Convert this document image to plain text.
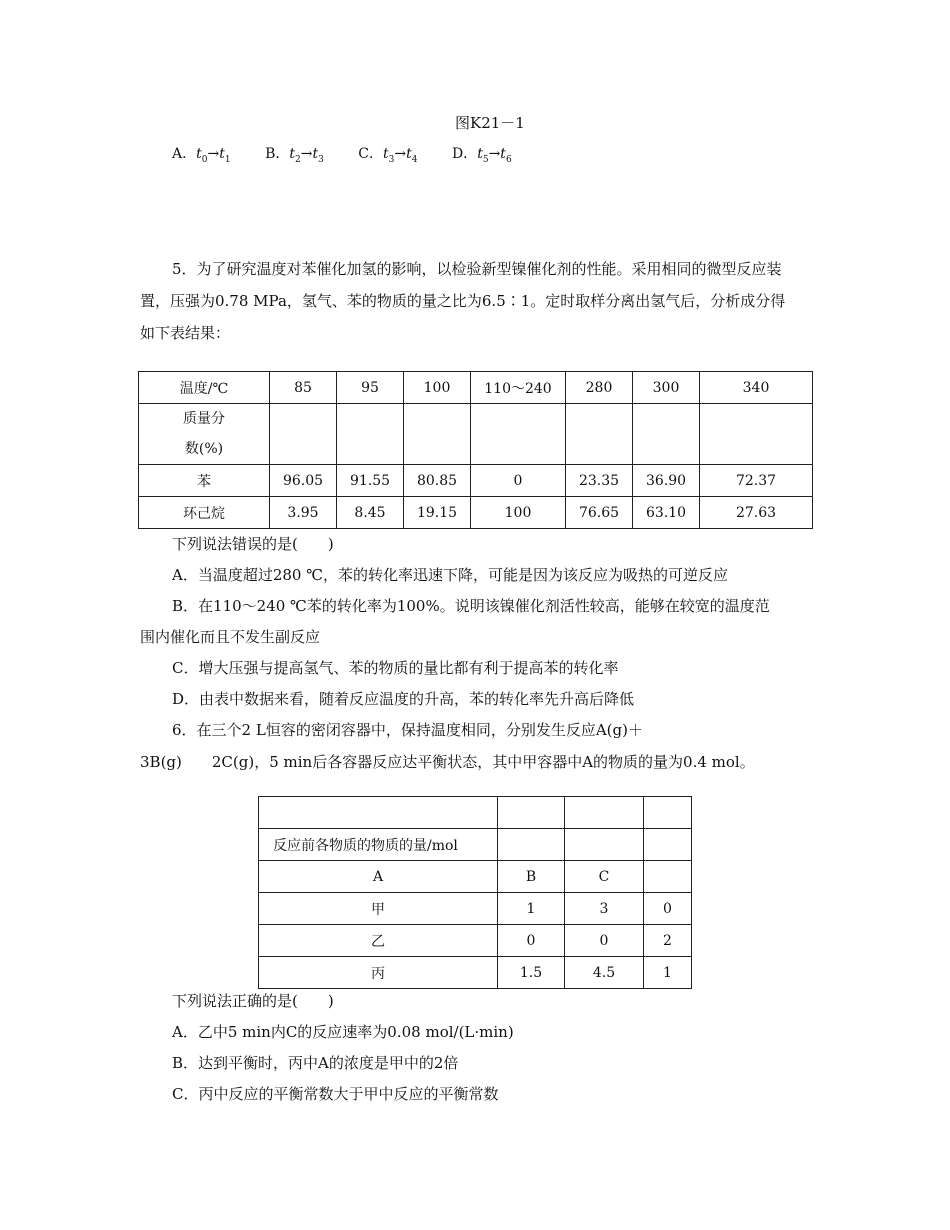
图K21－1
A．$t_0\to t_1$ B．$t_2\to t_3$ C．$t_3\to t_4$ D．$t_5\to t_6$
5．为了研究温度对苯催化加氢的影响，以检验新型镍催化剂的性能。采用相同的微型反应装置，压强为0.78 MPa，氢气、苯的物质的量之比为6.5∶1。定时取样分离出氢气后，分析成分得如下表结果：
温度/℃	85	95	100	110～240	280	300	340

质量分
数(%)							

苯	96.05	91.55	80.85	0	23.35	36.90	72.37
环己烷	3.95	8.45	19.15	100	76.65	63.10	27.63
下列说法错误的是(　　)
A．当温度超过280 ℃，苯的转化率迅速下降，可能是因为该反应为吸热的可逆反应
B．在110～240 ℃苯的转化率为100%。说明该镍催化剂活性较高，能够在较宽的温度范
围内催化而且不发生副反应
C．增大压强与提高氢气、苯的物质的量比都有利于提高苯的转化率
D．由表中数据来看，随着反应温度的升高，苯的转化率先升高后降低
6．在三个2 L恒容的密闭容器中，保持温度相同，分别发生反应A(g)＋
3B(g)　　2C(g)，5 min后各容器反应达平衡状态，其中甲容器中A的物质的量为0.4 mol。

反应前各物质的物质的量/mol			
A	B	C	
甲	1	3	0
乙	0	0	2
丙	1.5	4.5	1
下列说法正确的是(　　)
A．乙中5 min内C的反应速率为0.08 mol/(L·min)
B．达到平衡时，丙中A的浓度是甲中的2倍
C．丙中反应的平衡常数大于甲中反应的平衡常数
